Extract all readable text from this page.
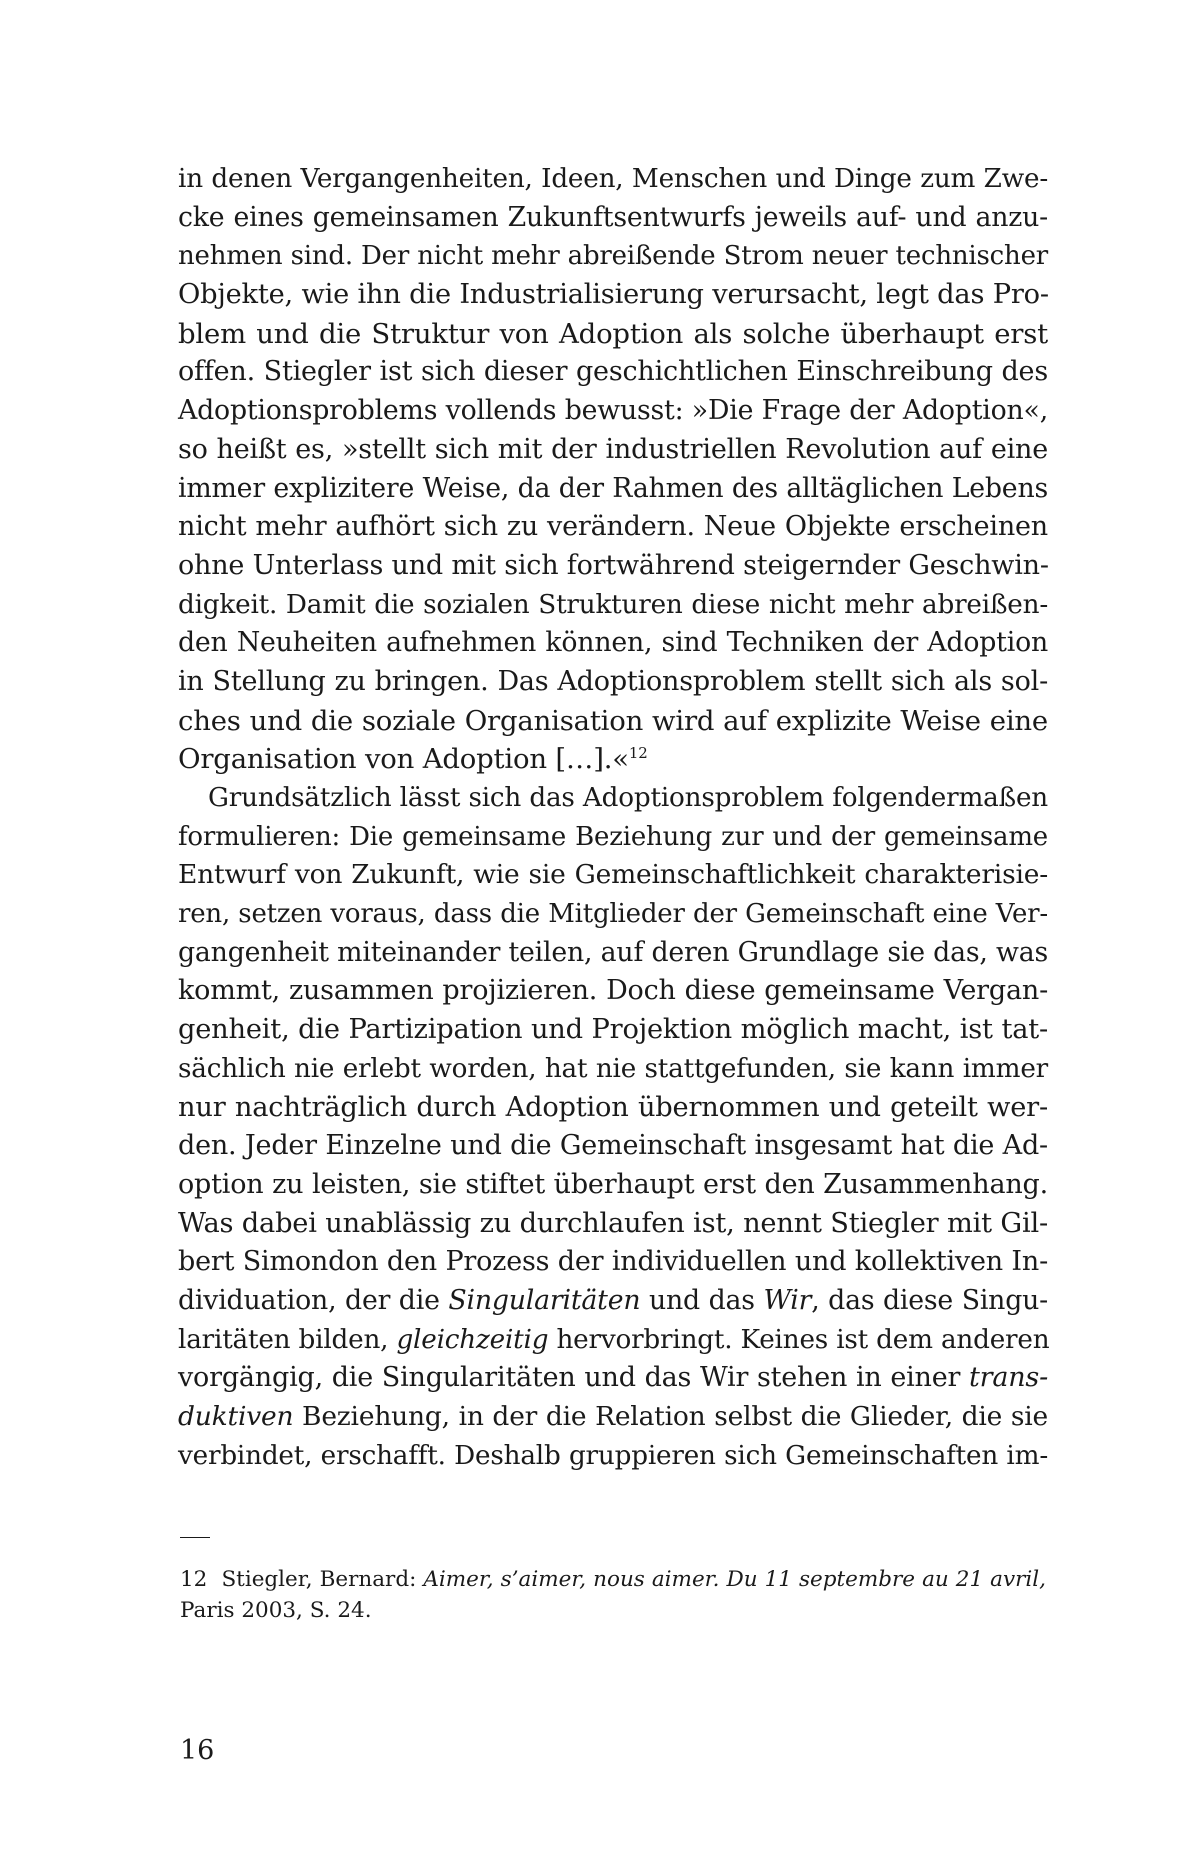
in denen Vergangenheiten, Ideen, Menschen und Dinge zum Zwe-
cke eines gemeinsamen Zukunftsentwurfs jeweils auf- und anzu-
nehmen sind. Der nicht mehr abreißende Strom neuer technischer
Objekte, wie ihn die Industrialisierung verursacht, legt das Pro-
blem und die Struktur von Adoption als solche überhaupt erst
offen. Stiegler ist sich dieser geschichtlichen Einschreibung des
Adoptionsproblems vollends bewusst: »Die Frage der Adoption«,
so heißt es, »stellt sich mit der industriellen Revolution auf eine
immer explizitere Weise, da der Rahmen des alltäglichen Lebens
nicht mehr aufhört sich zu verändern. Neue Objekte erscheinen
ohne Unterlass und mit sich fortwährend steigernder Geschwin-
digkeit. Damit die sozialen Strukturen diese nicht mehr abreißen-
den Neuheiten aufnehmen können, sind Techniken der Adoption
in Stellung zu bringen. Das Adoptionsproblem stellt sich als sol-
ches und die soziale Organisation wird auf explizite Weise eine
Organisation von Adoption […].«$^{12}$
Grundsätzlich lässt sich das Adoptionsproblem folgendermaßen
formulieren: Die gemeinsame Beziehung zur und der gemeinsame
Entwurf von Zukunft, wie sie Gemeinschaftlichkeit charakterisie-
ren, setzen voraus, dass die Mitglieder der Gemeinschaft eine Ver-
gangenheit miteinander teilen, auf deren Grundlage sie das, was
kommt, zusammen projizieren. Doch diese gemeinsame Vergan-
genheit, die Partizipation und Projektion möglich macht, ist tat-
sächlich nie erlebt worden, hat nie stattgefunden, sie kann immer
nur nachträglich durch Adoption übernommen und geteilt wer-
den. Jeder Einzelne und die Gemeinschaft insgesamt hat die Ad-
option zu leisten, sie stiftet überhaupt erst den Zusammenhang.
Was dabei unablässig zu durchlaufen ist, nennt Stiegler mit Gil-
bert Simondon den Prozess der individuellen und kollektiven In-
dividuation, der die Singularitäten und das Wir, das diese Singu-
laritäten bilden, gleichzeitig hervorbringt. Keines ist dem anderen
vorgängig, die Singularitäten und das Wir stehen in einer trans-
duktiven Beziehung, in der die Relation selbst die Glieder, die sie
verbindet, erschafft. Deshalb gruppieren sich Gemeinschaften im-
12 Stiegler, Bernard: Aimer, s’aimer, nous aimer. Du 11 septembre au 21 avril,
Paris 2003, S. 24.
16
